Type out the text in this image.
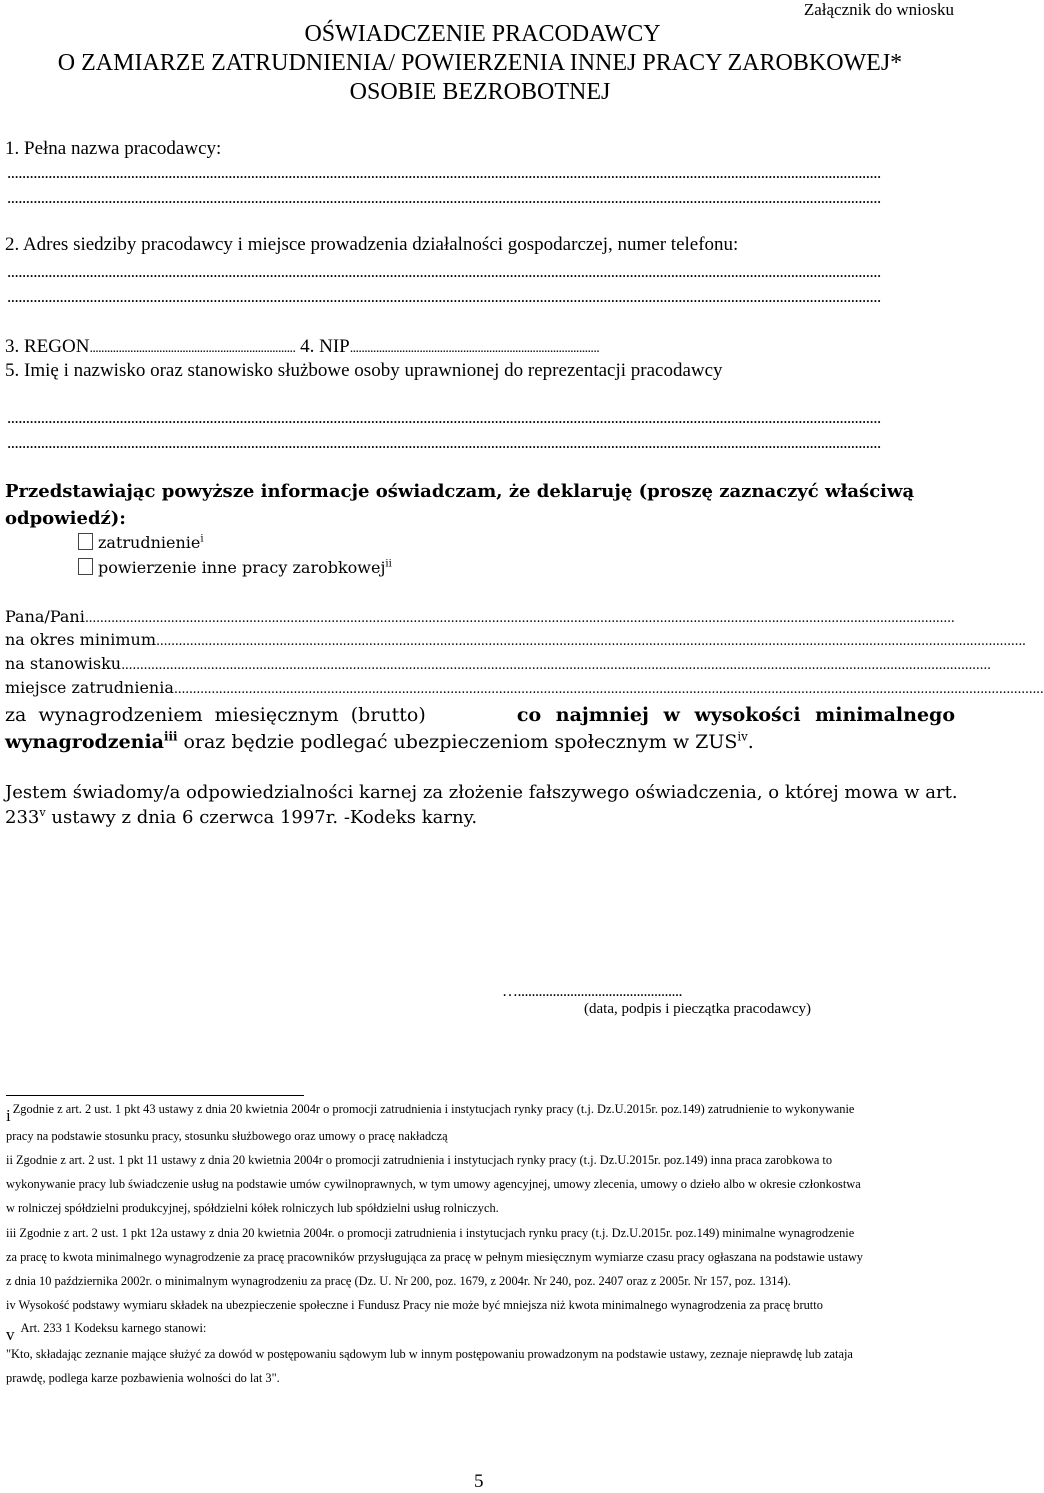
Załącznik do wniosku
OŚWIADCZENIE PRACODAWCY
O ZAMIARZE ZATRUDNIENIA/ POWIERZENIA INNEJ PRACY ZAROBKOWEJ*
OSOBIE BEZROBOTNEJ
1. Pełna nazwa pracodawcy:
.........................................................................................................................................................................................................................................
.........................................................................................................................................................................................................................................
2. Adres siedziby pracodawcy i miejsce prowadzenia działalności gospodarczej, numer telefonu:
.........................................................................................................................................................................................................................................
.........................................................................................................................................................................................................................................
3. REGON....................................................................... 4. NIP......................................................................................
5. Imię i nazwisko oraz stanowisko służbowe osoby uprawnionej do reprezentacji pracodawcy
.........................................................................................................................................................................................................................................
.........................................................................................................................................................................................................................................
Przedstawiając powyższe informacje oświadczam, że deklaruję (proszę zaznaczyć właściwą
odpowiedź):
zatrudnienie$^i$
powierzenie inne pracy zarobkowej$^{ii}$
Pana/Pani.........................................................................................................................................................................................................................................
na okres minimum.........................................................................................................................................................................................................................................
na stanowisku.........................................................................................................................................................................................................................................
miejsce zatrudnienia.........................................................................................................................................................................................................................................
za wynagrodzeniem miesięcznym (brutto)	co najmniej w wysokości minimalnego
wynagrodzenia$^{iii}$ oraz będzie podlegać ubezpieczeniom społecznym w ZUS$^{iv}$.
Jestem świadomy/a odpowiedzialności karnej za złożenie fałszywego oświadczenia, o której mowa w art.
233$^v$ ustawy z dnia 6 czerwca 1997r. -Kodeks karny.
…...............................................
(data, podpis i pieczątka pracodawcy)
i Zgodnie z art. 2 ust. 1 pkt 43 ustawy z dnia 20 kwietnia 2004r o promocji zatrudnienia i instytucjach rynky pracy (t.j. Dz.U.2015r. poz.149) zatrudnienie to wykonywanie
pracy na podstawie stosunku pracy, stosunku służbowego oraz umowy o pracę nakładczą
ii Zgodnie z art. 2 ust. 1 pkt 11 ustawy z dnia 20 kwietnia 2004r o promocji zatrudnienia i instytucjach rynky pracy (t.j. Dz.U.2015r. poz.149) inna praca zarobkowa to
wykonywanie pracy lub świadczenie usług na podstawie umów cywilnoprawnych, w tym umowy agencyjnej, umowy zlecenia, umowy o dzieło albo w okresie członkostwa
w rolniczej spółdzielni produkcyjnej, spółdzielni kółek rolniczych lub spółdzielni usług rolniczych.
iii Zgodnie z art. 2 ust. 1 pkt 12a ustawy z dnia 20 kwietnia 2004r. o promocji zatrudnienia i instytucjach rynku pracy (t.j. Dz.U.2015r. poz.149) minimalne wynagrodzenie
za pracę to kwota minimalnego wynagrodzenie za pracę pracowników przysługująca za pracę w pełnym miesięcznym wymiarze czasu pracy ogłaszana na podstawie ustawy
z dnia 10 października 2002r. o minimalnym wynagrodzeniu za pracę (Dz. U. Nr 200, poz. 1679, z 2004r. Nr 240, poz. 2407 oraz z 2005r. Nr 157, poz. 1314).
iv Wysokość podstawy wymiaru składek na ubezpieczenie społeczne i Fundusz Pracy nie może być mniejsza niż kwota minimalnego wynagrodzenia za pracę brutto
v Art. 233 1 Kodeksu karnego stanowi:
"Kto, składając zeznanie mające służyć za dowód w postępowaniu sądowym lub w innym postępowaniu prowadzonym na podstawie ustawy, zeznaje nieprawdę lub zataja
prawdę, podlega karze pozbawienia wolności do lat 3".
5
